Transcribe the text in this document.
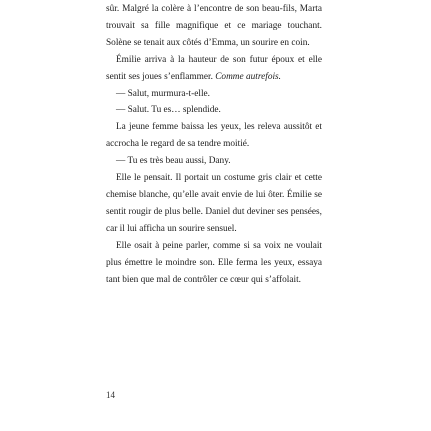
sûr. Malgré la colère à l’encontre de son beau-fils, Marta trouvait sa fille magnifique et ce mariage touchant. Solène se tenait aux côtés d’Emma, un sourire en coin.

Émilie arriva à la hauteur de son futur époux et elle sentit ses joues s’enflammer. Comme autrefois.

— Salut, murmura-t-elle.

— Salut. Tu es… splendide.

La jeune femme baissa les yeux, les releva aussitôt et accrocha le regard de sa tendre moitié.

— Tu es très beau aussi, Dany.

Elle le pensait. Il portait un costume gris clair et cette chemise blanche, qu’elle avait envie de lui ôter. Émilie se sentit rougir de plus belle. Daniel dut deviner ses pensées, car il lui afficha un sourire sensuel.

Elle osait à peine parler, comme si sa voix ne voulait plus émettre le moindre son. Elle ferma les yeux, essaya tant bien que mal de contrôler ce cœur qui s’affolait.

14
